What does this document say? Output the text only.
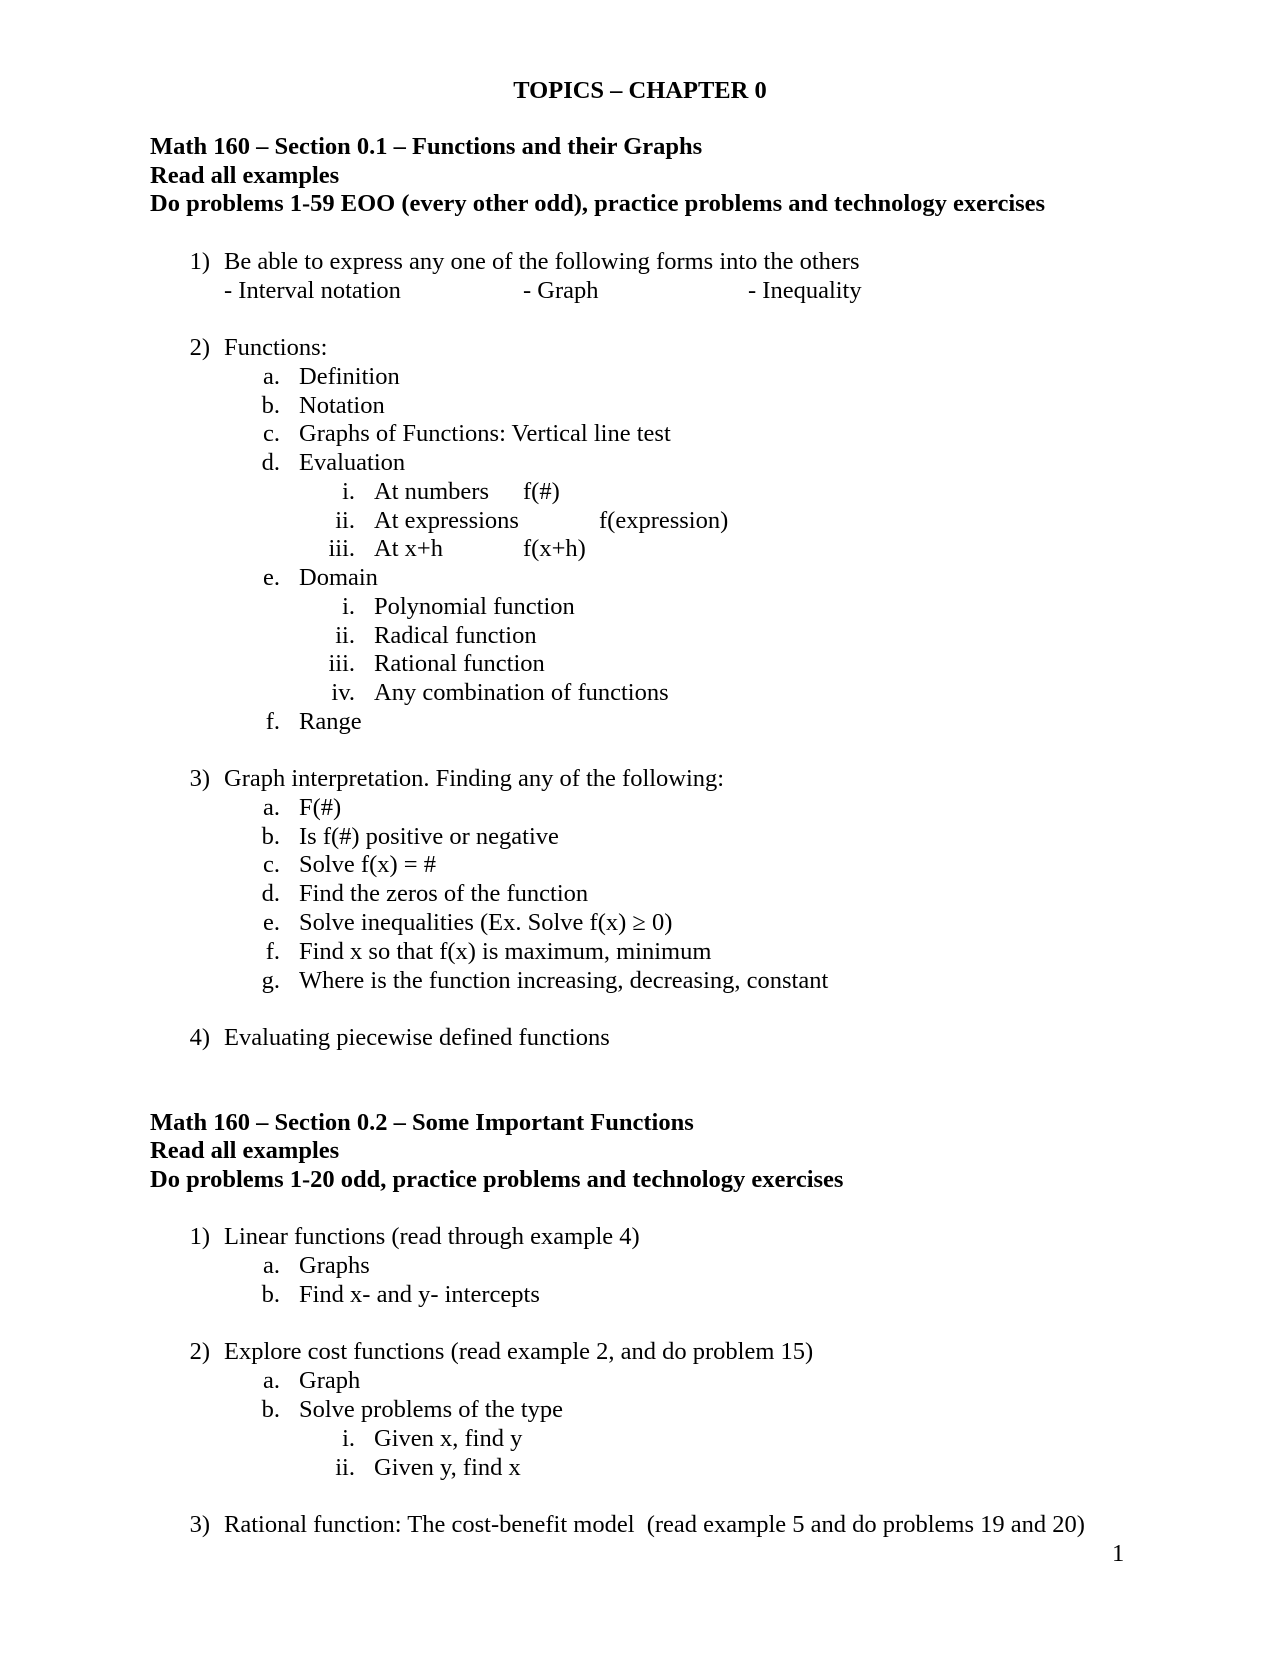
TOPICS – CHAPTER 0
Math 160 – Section 0.1 – Functions and their Graphs
Read all examples
Do problems 1-59 EOO (every other odd), practice problems and technology exercises
1) Be able to express any one of the following forms into the others
- Interval notation	- Graph	- Inequality
2) Functions:
a. Definition
b. Notation
c. Graphs of Functions: Vertical line test
d. Evaluation
i. At numbers f(#)
ii. At expressions	f(expression)
iii. At x+h	f(x+h)
e. Domain
i. Polynomial function
ii. Radical function
iii. Rational function
iv. Any combination of functions
f. Range
3) Graph interpretation. Finding any of the following:
a. F(#)
b. Is f(#) positive or negative
c. Solve f(x) = #
d. Find the zeros of the function
e. Solve inequalities (Ex. Solve f(x) ≥ 0)
f. Find x so that f(x) is maximum, minimum
g. Where is the function increasing, decreasing, constant
4) Evaluating piecewise defined functions
Math 160 – Section 0.2 – Some Important Functions
Read all examples
Do problems 1-20 odd, practice problems and technology exercises
1) Linear functions (read through example 4)
a. Graphs
b. Find x- and y- intercepts
2) Explore cost functions (read example 2, and do problem 15)
a. Graph
b. Solve problems of the type
i. Given x, find y
ii. Given y, find x
3) Rational function: The cost-benefit model  (read example 5 and do problems 19 and 20)
1
